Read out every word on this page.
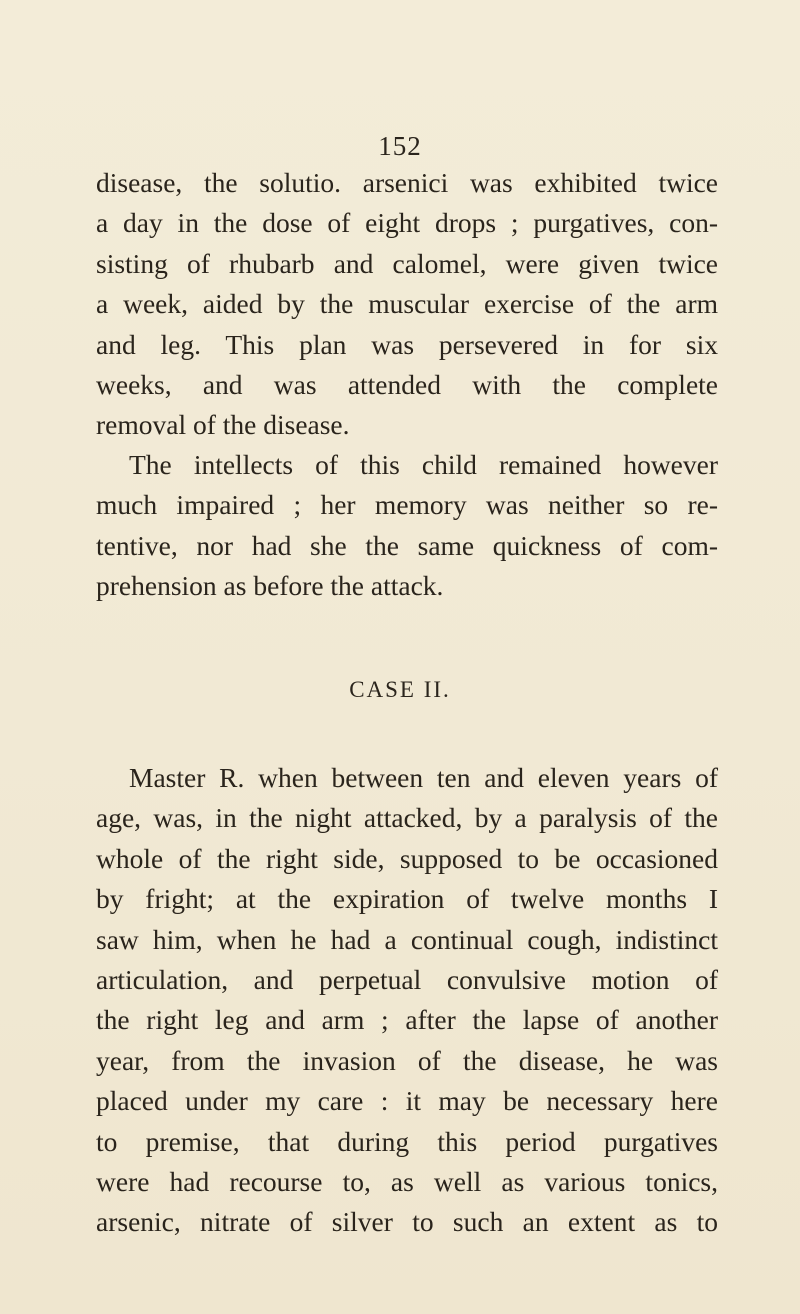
152
disease, the solutio. arsenici was exhibited twice
a day in the dose of eight drops ; purgatives, con-
sisting of rhubarb and calomel, were given twice
a week, aided by the muscular exercise of the arm
and leg. This plan was persevered in for six
weeks, and was attended with the complete
removal of the disease.
The intellects of this child remained however
much impaired ; her memory was neither so re-
tentive, nor had she the same quickness of com-
prehension as before the attack.
CASE II.
Master R. when between ten and eleven years of
age, was, in the night attacked, by a paralysis of the
whole of the right side, supposed to be occasioned
by fright; at the expiration of twelve months I
saw him, when he had a continual cough, indistinct
articulation, and perpetual convulsive motion of
the right leg and arm ; after the lapse of another
year, from the invasion of the disease, he was
placed under my care : it may be necessary here
to premise, that during this period purgatives
were had recourse to, as well as various tonics,
arsenic, nitrate of silver to such an extent as to
